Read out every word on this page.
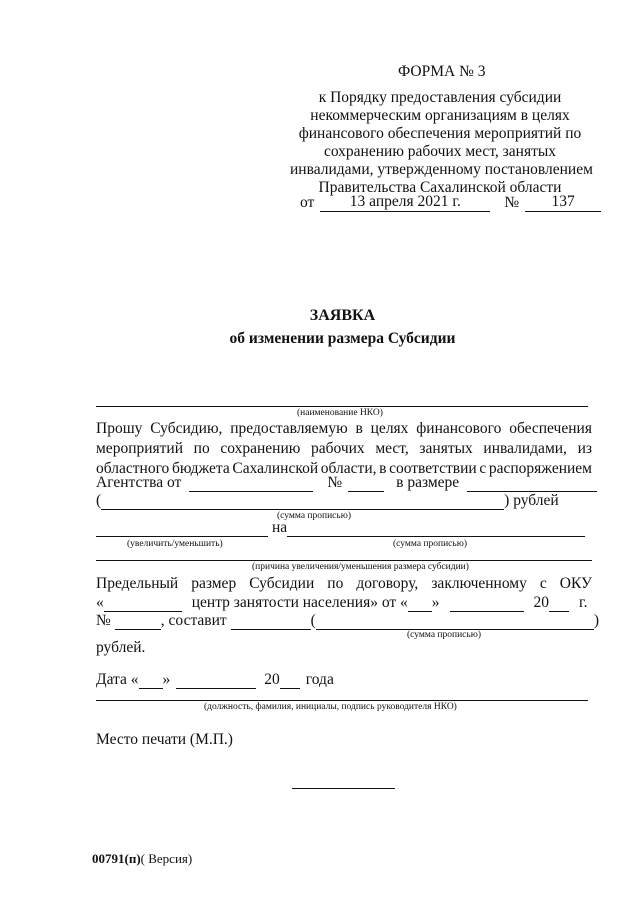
ФОРМА № 3
к Порядку предоставления субсидии
некоммерческим организациям в целях
финансового обеспечения мероприятий по
сохранению рабочих мест, занятых
инвалидами, утвержденному постановлением
Правительства Сахалинской области
от	13 апреля 2021 г.	№	137
ЗАЯВКА
об изменении размера Субсидии
(наименование НКО)
Прошу Субсидию, предоставляемую в целях финансового обеспечения
мероприятий по сохранению рабочих мест, занятых инвалидами, из
областного бюджета Сахалинской области, в соответствии с распоряжением
Агентства от	№	в размере
(	) рублей
(сумма прописью)
на
(увеличить/уменьшить)	(сумма прописью)
(причина увеличения/уменьшения размера субсидии)
Предельный размер Субсидии по договору, заключенному с ОКУ
«	центр занятости населения» от « »	20 г.
№	, составит	(	)
(сумма прописью)
рублей.
Дата « »	20 года
(должность, фамилия, инициалы, подпись руководителя НКО)
Место печати (М.П.)
00791(п)( Версия)
